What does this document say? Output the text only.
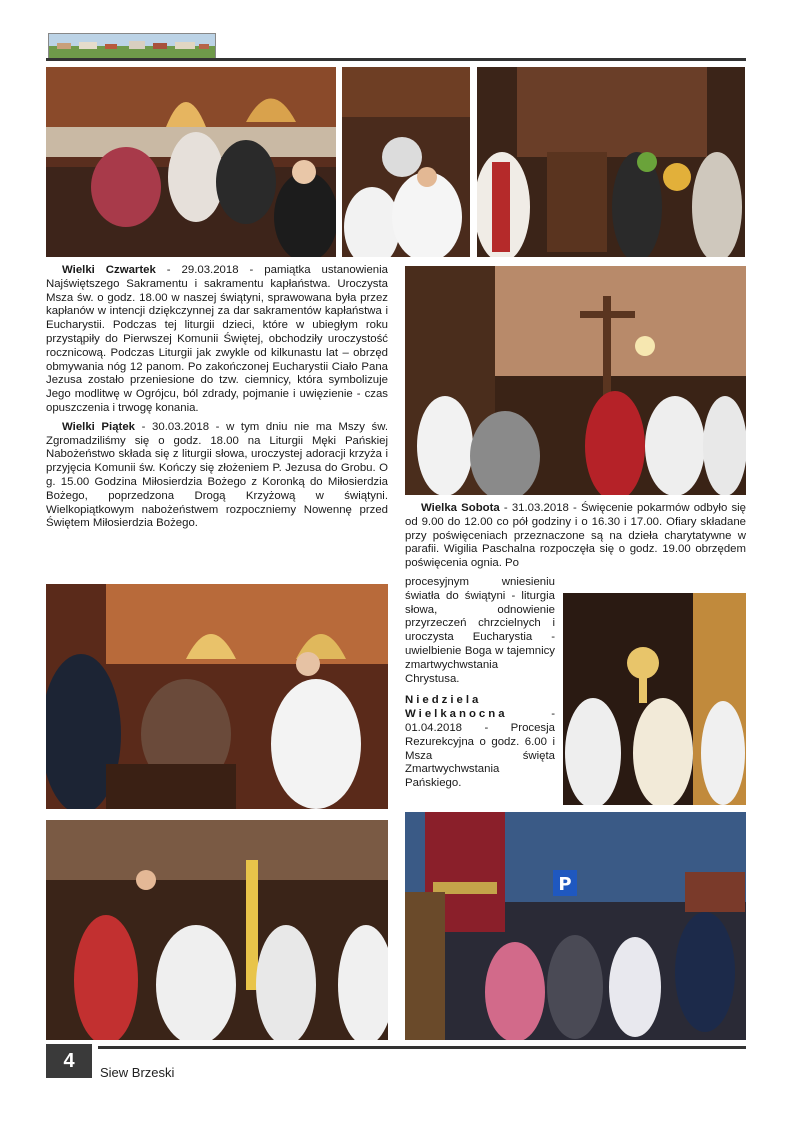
Wielki Czwartek - 29.03.2018 - pamiątka ustanowienia Najświętszego Sakramentu i sakramentu kapłaństwa. Uroczysta Msza św. o godz. 18.00 w naszej świątyni, sprawowana była przez kapłanów w intencji dziękczynnej za dar sakramentów kapłaństwa i Eucharystii. Podczas tej liturgii dzieci, które w ubiegłym roku przystąpiły do Pierwszej Komunii Świętej, obchodziły uroczystość rocznicową. Podczas Liturgii jak zwykle od kilkunastu lat – obrzęd obmywania nóg 12 panom. Po zakończonej Eucharystii Ciało Pana Jezusa zostało przeniesione do tzw. ciemnicy, która symbolizuje Jego modlitwę w Ogrójcu, ból zdrady, pojmanie i uwięzienie - czas opuszczenia i trwogę konania.

Wielki Piątek - 30.03.2018 - w tym dniu nie ma Mszy św. Zgromadziliśmy się o godz. 18.00 na Liturgii Męki Pańskiej Nabożeństwo składa się z liturgii słowa, uroczystej adoracji krzyża i przyjęcia Komunii św. Kończy się złożeniem P. Jezusa do Grobu. O g. 15.00 Godzina Miłosierdzia Bożego z Koronką do Miłosierdzia Bożego, poprzedzona Drogą Krzyżową w świątyni. Wielkopiątkowym nabożeństwem rozpoczniemy Nowennę przed Świętem Miłosierdzia Bożego.

Wielka Sobota - 31.03.2018 - Święcenie pokarmów odbyło się od 9.00 do 12.00 co pół godziny i o 16.30 i 17.00. Ofiary składane przy poświęceniach przeznaczone są na dzieła charytatywne w parafii. Wigilia Paschalna rozpoczęła się o godz. 19.00 obrzędem poświęcenia ognia. Po

procesyjnym wniesieniu światła do świątyni - liturgia słowa, odnowienie przyrzeczeń chrzcielnych i uroczysta Eucharystia - uwielbienie Boga w tajemnicy zmartwychwstania Chrystusa.

Niedziela Wielkanocna - 01.04.2018 - Procesja Rezurekcyjna o godz. 6.00 i Msza święta Zmartwychwstania Pańskiego.

P
4
Siew Brzeski
